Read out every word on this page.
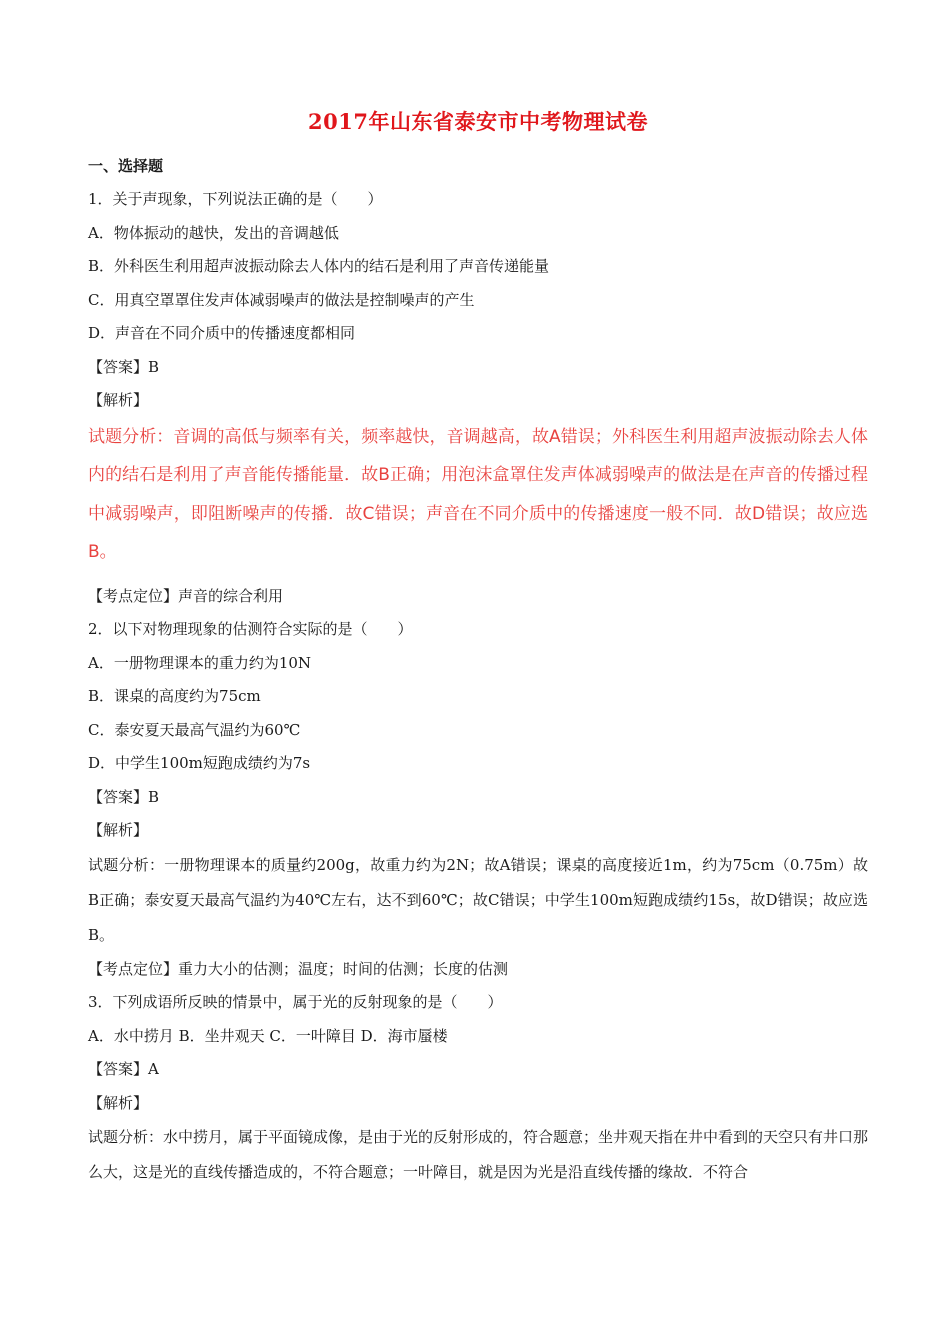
2017年山东省泰安市中考物理试卷
一、选择题
1．关于声现象，下列说法正确的是（　　）
A．物体振动的越快，发出的音调越低
B．外科医生利用超声波振动除去人体内的结石是利用了声音传递能量
C．用真空罩罩住发声体减弱噪声的做法是控制噪声的产生
D．声音在不同介质中的传播速度都相同
【答案】B
【解析】
试题分析：音调的高低与频率有关，频率越快，音调越高，故A错误；外科医生利用超声波振动除去人体内的结石是利用了声音能传播能量．故B正确；用泡沫盒罩住发声体减弱噪声的做法是在声音的传播过程中减弱噪声，即阻断噪声的传播．故C错误；声音在不同介质中的传播速度一般不同．故D错误；故应选B。
【考点定位】声音的综合利用
2．以下对物理现象的估测符合实际的是（　　）
A．一册物理课本的重力约为10N
B．课桌的高度约为75cm
C．泰安夏天最高气温约为60℃
D．中学生100m短跑成绩约为7s
【答案】B
【解析】
试题分析：一册物理课本的质量约200g，故重力约为2N；故A错误；课桌的高度接近1m，约为75cm（0.75m）故B正确；泰安夏天最高气温约为40℃左右，达不到60℃；故C错误；中学生100m短跑成绩约15s，故D错误；故应选B。
【考点定位】重力大小的估测；温度；时间的估测；长度的估测
3．下列成语所反映的情景中，属于光的反射现象的是（　　）
A．水中捞月 B．坐井观天 C．一叶障目 D．海市蜃楼
【答案】A
【解析】
试题分析：水中捞月，属于平面镜成像，是由于光的反射形成的，符合题意；坐井观天指在井中看到的天空只有井口那么大，这是光的直线传播造成的，不符合题意；一叶障目，就是因为光是沿直线传播的缘故．不符合
